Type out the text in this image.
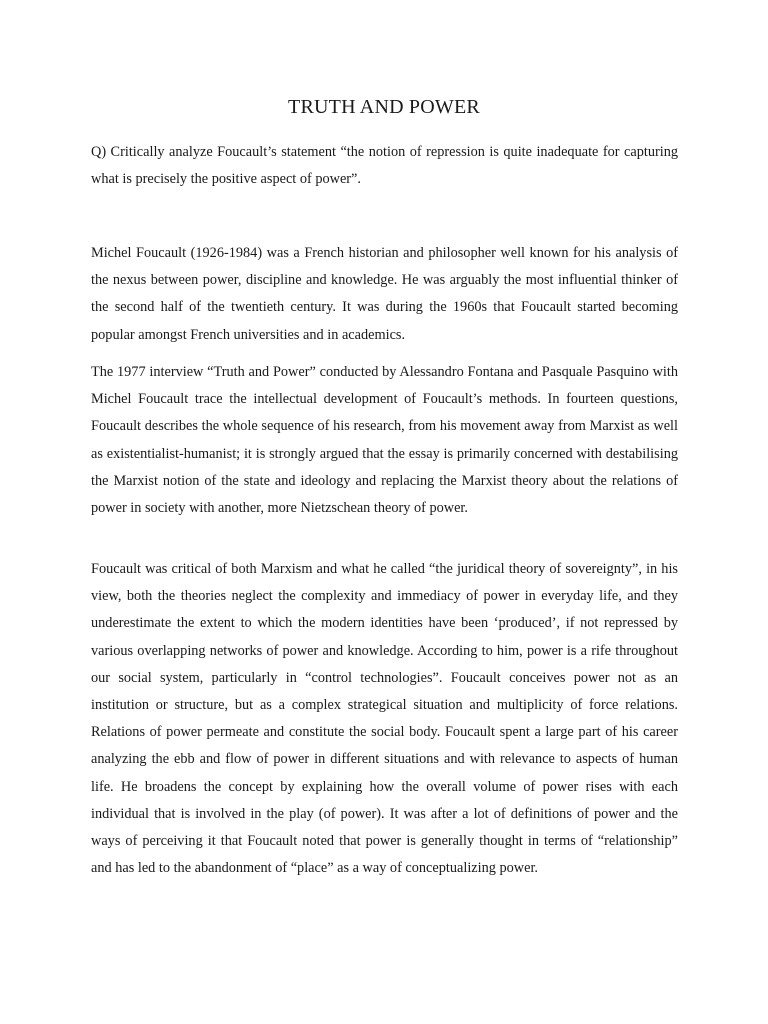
TRUTH AND POWER

Q) Critically analyze Foucault’s statement “the notion of repression is quite inadequate for capturing what is precisely the positive aspect of power”.

Michel Foucault (1926-1984) was a French historian and philosopher well known for his analysis of the nexus between power, discipline and knowledge. He was arguably the most influential thinker of the second half of the twentieth century. It was during the 1960s that Foucault started becoming popular amongst French universities and in academics.

The 1977 interview “Truth and Power” conducted by Alessandro Fontana and Pasquale Pasquino with Michel Foucault trace the intellectual development of Foucault’s methods. In fourteen questions, Foucault describes the whole sequence of his research, from his movement away from Marxist as well as existentialist-humanist; it is strongly argued that the essay is primarily concerned with destabilising the Marxist notion of the state and ideology and replacing the Marxist theory about the relations of power in society with another, more Nietzschean theory of power.

Foucault was critical of both Marxism and what he called “the juridical theory of sovereignty”, in his view, both the theories neglect the complexity and immediacy of power in everyday life, and they underestimate the extent to which the modern identities have been ‘produced’, if not repressed by various overlapping networks of power and knowledge. According to him, power is a rife throughout our social system, particularly in “control technologies”. Foucault conceives power not as an institution or structure, but as a complex strategical situation and multiplicity of force relations. Relations of power permeate and constitute the social body. Foucault spent a large part of his career analyzing the ebb and flow of power in different situations and with relevance to aspects of human life. He broadens the concept by explaining how the overall volume of power rises with each individual that is involved in the play (of power). It was after a lot of definitions of power and the ways of perceiving it that Foucault noted that power is generally thought in terms of “relationship” and has led to the abandonment of “place” as a way of conceptualizing power.
